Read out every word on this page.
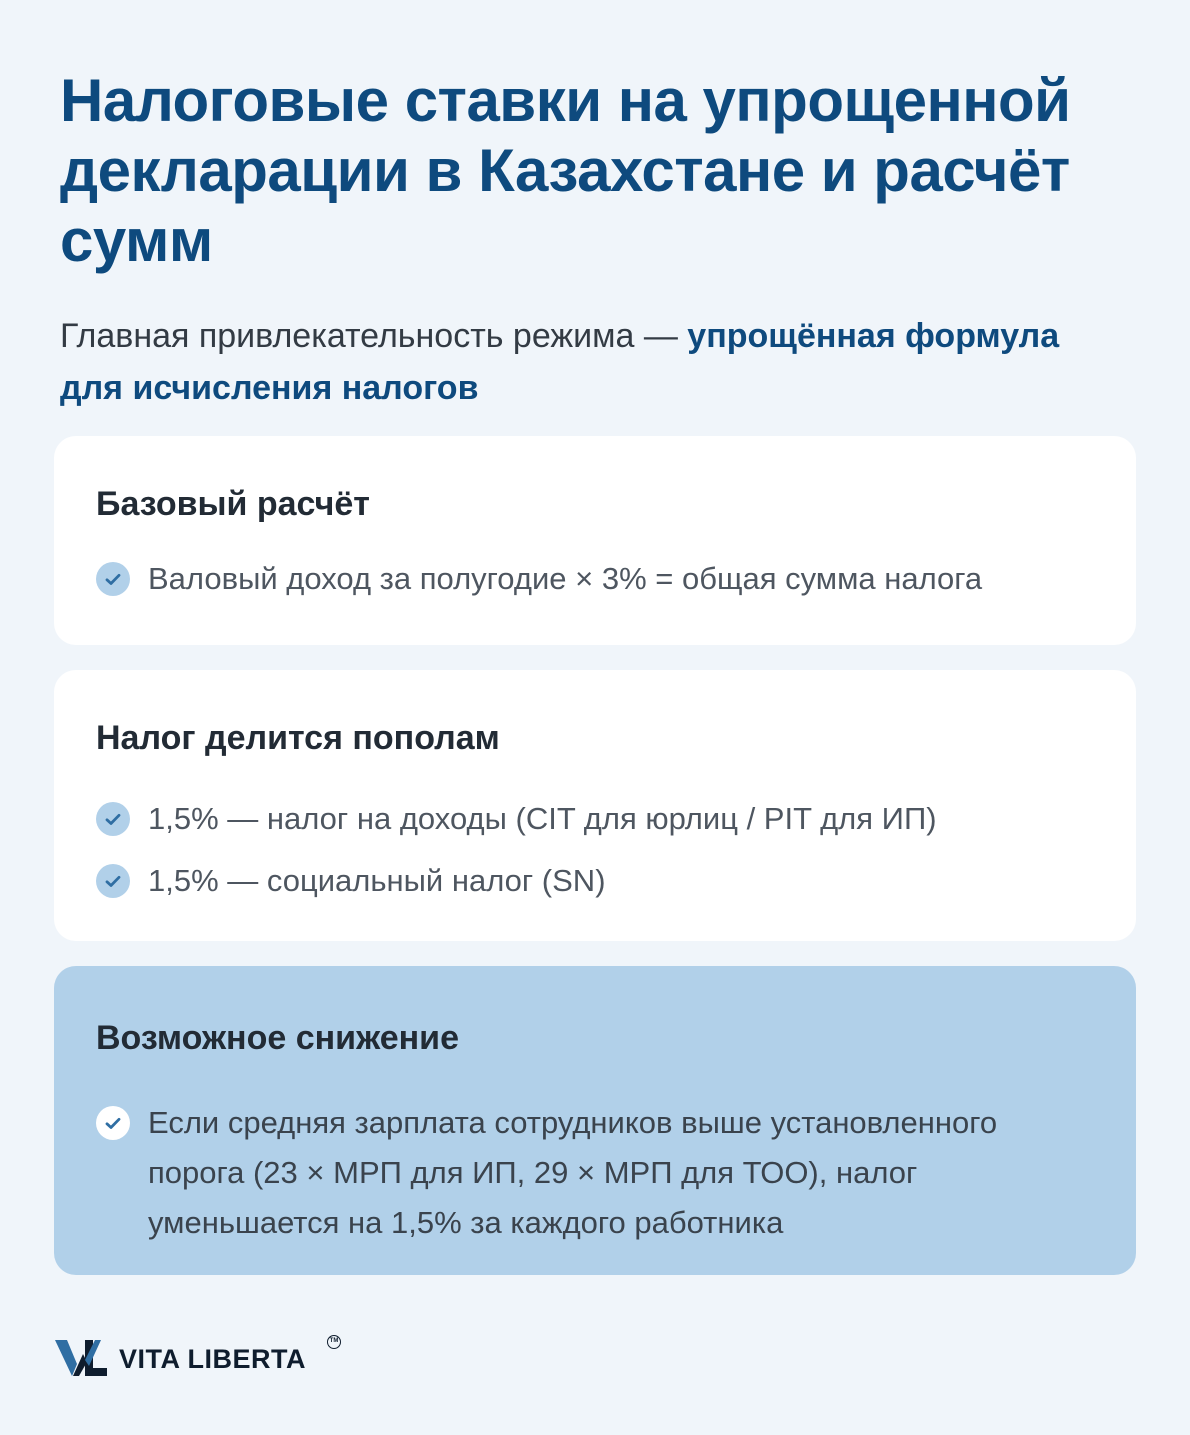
Налоговые ставки на упрощенной декларации в Казахстане и расчёт сумм

Главная привлекательность режима — упрощённая формула для исчисления налогов

Базовый расчёт
Валовый доход за полугодие × 3% = общая сумма налога
Налог делится пополам
1,5% — налог на доходы (CIT для юрлиц / PIT для ИП)
1,5% — социальный налог (SN)
Возможное снижение
Если средняя зарплата сотрудников выше установленного порога (23 × МРП для ИП, 29 × МРП для ТОО), налог уменьшается на 1,5% за каждого работника
VITA LIBERTA
TM
